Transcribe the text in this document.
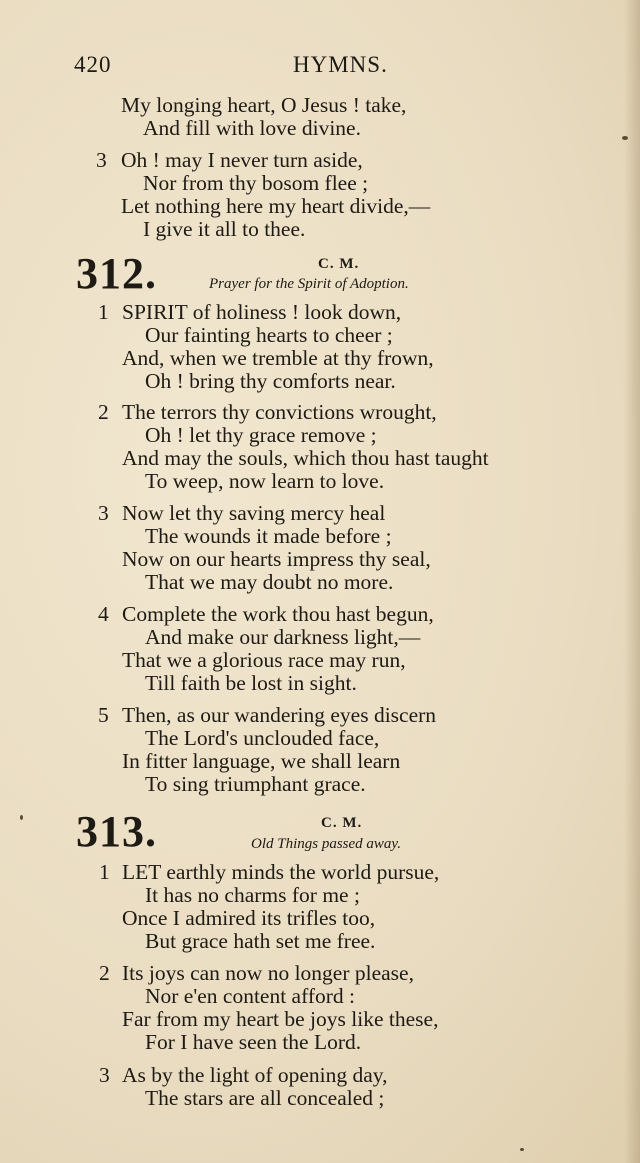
420	HYMNS.
My longing heart, O Jesus ! take,
And fill with love divine.
3 Oh ! may I never turn aside,
Nor from thy bosom flee ;
Let nothing here my heart divide,—
I give it all to thee.
312.	C. M.
Prayer for the Spirit of Adoption.
1 SPIRIT of holiness ! look down,
Our fainting hearts to cheer ;
And, when we tremble at thy frown,
Oh ! bring thy comforts near.
2 The terrors thy convictions wrought,
Oh ! let thy grace remove ;
And may the souls, which thou hast taught
To weep, now learn to love.
3 Now let thy saving mercy heal
The wounds it made before ;
Now on our hearts impress thy seal,
That we may doubt no more.
4 Complete the work thou hast begun,
And make our darkness light,—
That we a glorious race may run,
Till faith be lost in sight.
5 Then, as our wandering eyes discern
The Lord's unclouded face,
In fitter language, we shall learn
To sing triumphant grace.
313.	C. M.
Old Things passed away.
1 LET earthly minds the world pursue,
It has no charms for me ;
Once I admired its trifles too,
But grace hath set me free.
2 Its joys can now no longer please,
Nor e'en content afford :
Far from my heart be joys like these,
For I have seen the Lord.
3 As by the light of opening day,
The stars are all concealed ;
